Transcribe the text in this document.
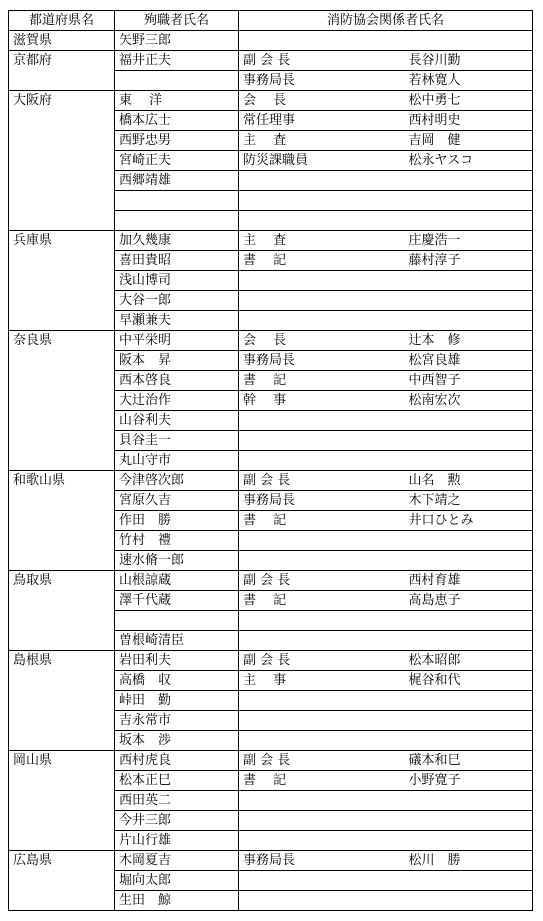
都道府県名	殉職者氏名	消防協会関係者氏名	
滋賀県	矢野三郎		
京都府	福井正夫	副 会 長	長谷川勤
		事務局長	若林寛人
大阪府	東　 洋	会　 長	松中勇七
	橋本広士	常任理事	西村明史
	西野忠男	主　 査	吉岡　健
	宮崎正夫	防災課職員	松永ヤスコ
	西郷靖雄		

兵庫県	加久幾康	主　 査	庄慶浩一
	喜田貴昭	書　 記	藤村淳子
	浅山博司		
	大谷一郎		
	早瀬兼夫		
奈良県	中平栄明	会　 長	辻本　修
	阪本　昇	事務局長	松宮良雄
	西本啓良	書　 記	中西智子
	大辻治作	幹　 事	松南宏次
	山谷利夫		
	貝谷圭一		
	丸山守市		
和歌山県	今津啓次郎	副 会 長	山名　勲
	宮原久吉	事務局長	木下靖之
	作田　勝	書　 記	井口ひとみ
	竹村　禮		
	速水脩一郎		
鳥取県	山根諒蔵	副 会 長	西村育雄
	澤千代蔵	書　 記	高島恵子

	曽根崎清臣		
島根県	岩田利夫	副 会 長	松本昭郎
	高橋　収	主　 事	梶谷和代
	峠田　勤		
	吉永常市		
	坂本　渉		
岡山県	西村虎良	副 会 長	礒本和巳
	松本正巳	書　 記	小野寛子
	西田英二		
	今井三郎		
	片山行雄		
広島県	木岡夏吉	事務局長	松川　勝
	堀向太郎		
	生田　鯨		
